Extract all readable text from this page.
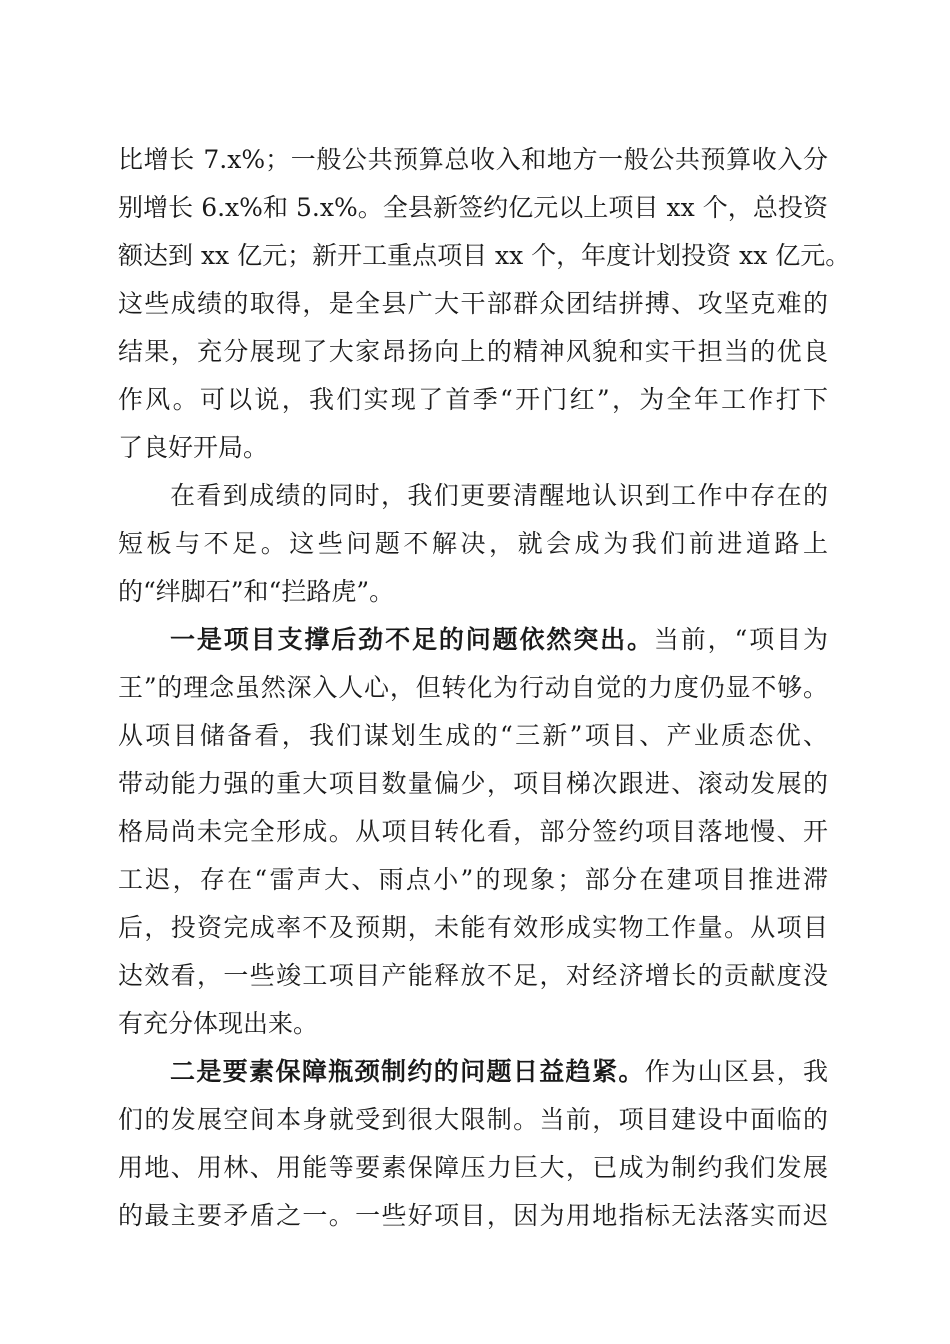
比增长 7.x%；一般公共预算总收入和地方一般公共预算收入分
别增长 6.x%和 5.x%。全县新签约亿元以上项目 xx 个，总投资
额达到 xx 亿元；新开工重点项目 xx 个，年度计划投资 xx 亿元。
这些成绩的取得，是全县广大干部群众团结拼搏、攻坚克难的
结果，充分展现了大家昂扬向上的精神风貌和实干担当的优良
作风。可以说，我们实现了首季“开门红”，为全年工作打下
了良好开局。
在看到成绩的同时，我们更要清醒地认识到工作中存在的
短板与不足。这些问题不解决，就会成为我们前进道路上
的“绊脚石”和“拦路虎”。
一是项目支撑后劲不足的问题依然突出。当前，“项目为
王”的理念虽然深入人心，但转化为行动自觉的力度仍显不够。
从项目储备看，我们谋划生成的“三新”项目、产业质态优、
带动能力强的重大项目数量偏少，项目梯次跟进、滚动发展的
格局尚未完全形成。从项目转化看，部分签约项目落地慢、开
工迟，存在“雷声大、雨点小”的现象；部分在建项目推进滞
后，投资完成率不及预期，未能有效形成实物工作量。从项目
达效看，一些竣工项目产能释放不足，对经济增长的贡献度没
有充分体现出来。
二是要素保障瓶颈制约的问题日益趋紧。作为山区县，我
们的发展空间本身就受到很大限制。当前，项目建设中面临的
用地、用林、用能等要素保障压力巨大，已成为制约我们发展
的最主要矛盾之一。一些好项目，因为用地指标无法落实而迟
